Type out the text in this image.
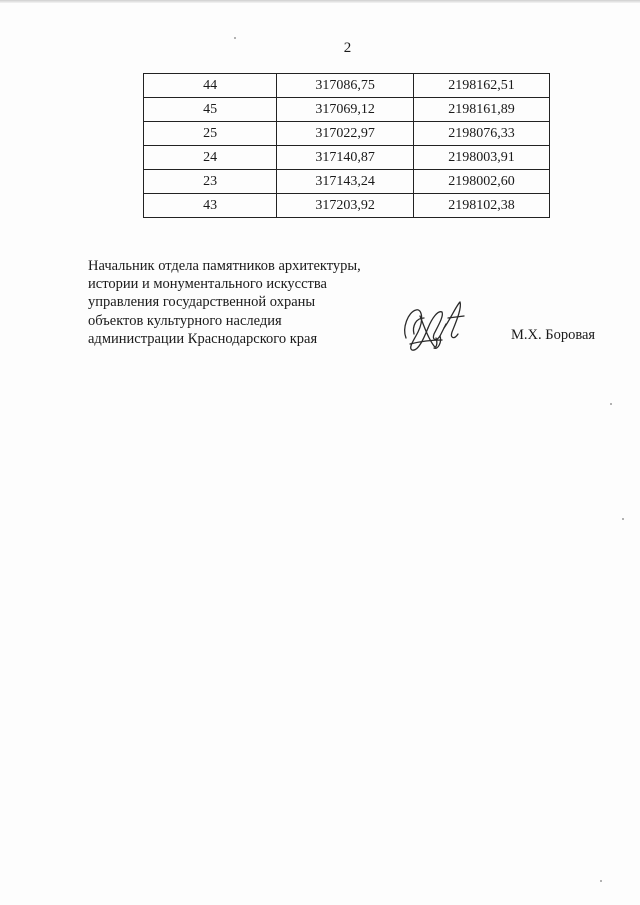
2
44	317086,75	2198162,51
45	317069,12	2198161,89
25	317022,97	2198076,33
24	317140,87	2198003,91
23	317143,24	2198002,60
43	317203,92	2198102,38
Начальник отдела памятников архитектуры,
истории и монументального искусства
управления государственной охраны
объектов культурного наследия
администрации Краснодарского края	М.Х. Боровая
